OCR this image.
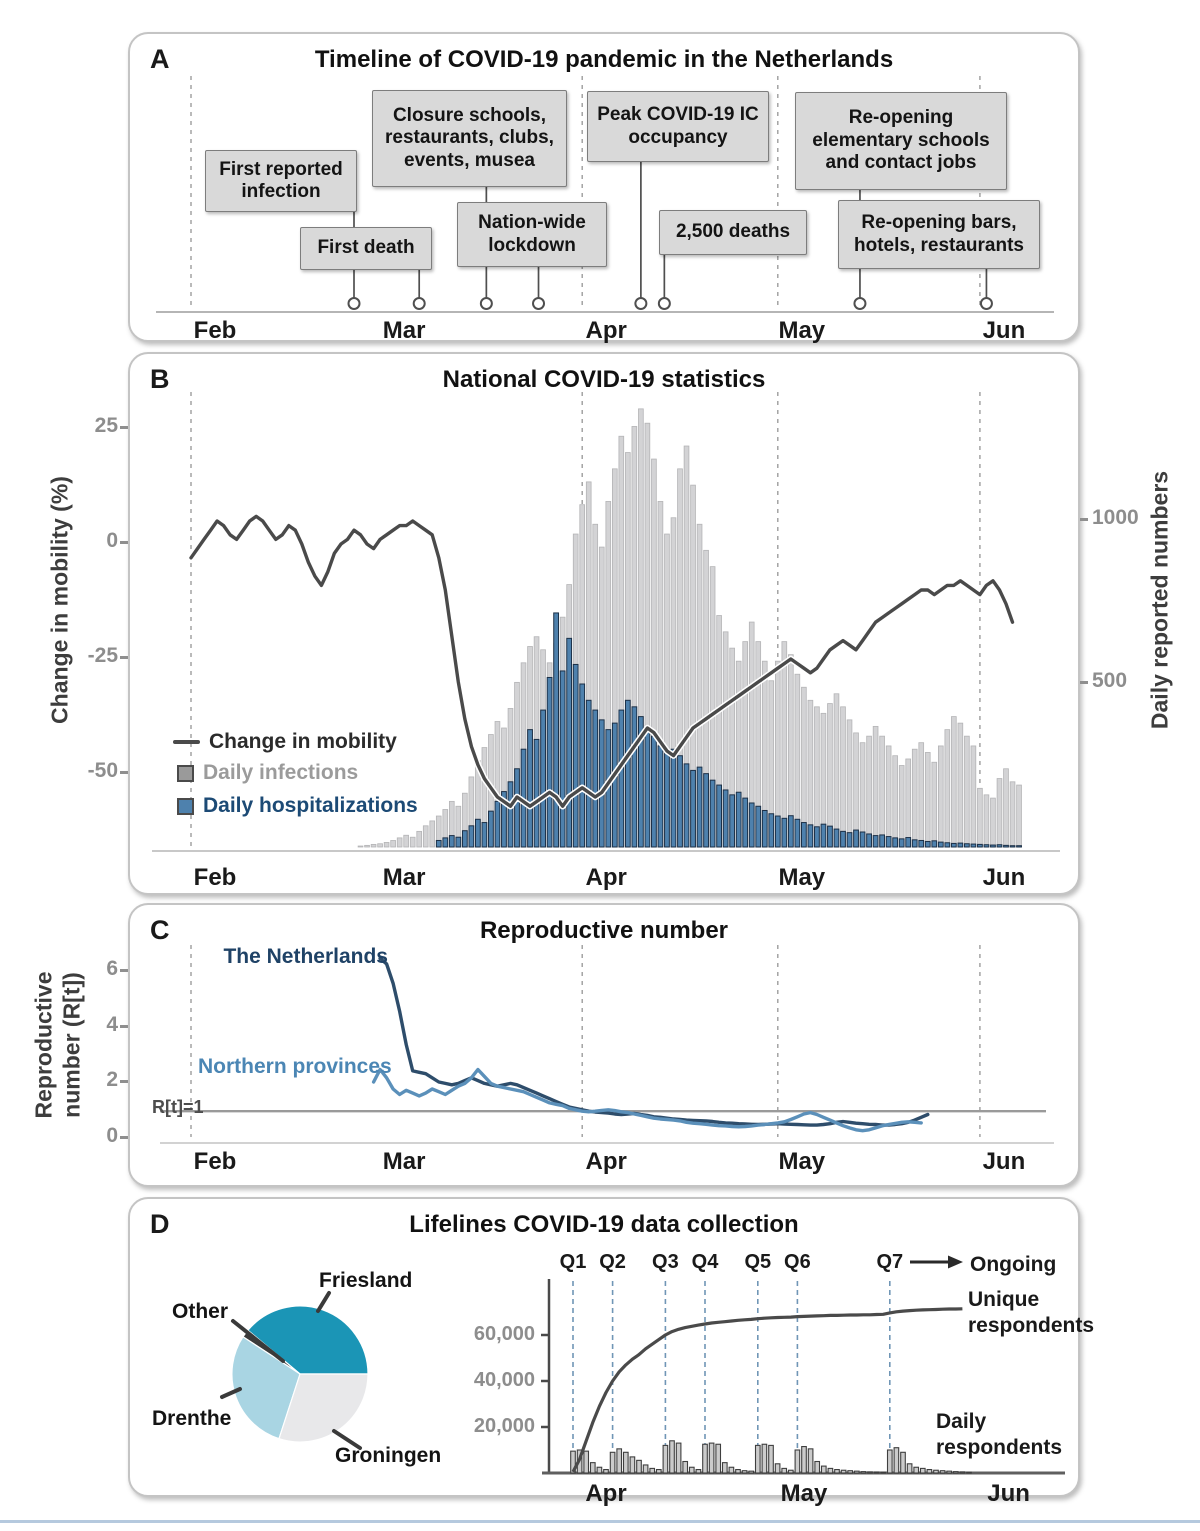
A	Timeline of COVID-19 pandemic in the Netherlands
First reported infection
First death
Closure schools, restaurants, clubs, events, musea
Nation-wide lockdown
Peak COVID-19 IC occupancy
2,500 deaths
Re-opening elementary schools and contact jobs
Re-opening bars, hotels, restaurants
Feb	Mar	Apr	May	Jun
B	National COVID-19 statistics
Change in mobility
Daily infections
Daily hospitalizations
Feb	Mar	Apr	May	Jun
Change in mobility (%)	Daily reported numbers
25
0
-25
-50
1000
500
C	Reproductive number
The Netherlands
Northern provinces
R[t]=1
Feb	Mar	Apr	May	Jun
Reproductive number (R[t])
6
4
2
0
D	Lifelines COVID-19 data collection
Friesland
Other
Drenthe
Groningen
Q1 Q2	Q3 Q4	Q5 Q6	Q7
60,000
40,000
20,000
Unique respondents
Daily respondents
Ongoing
Apr	May	Jun
